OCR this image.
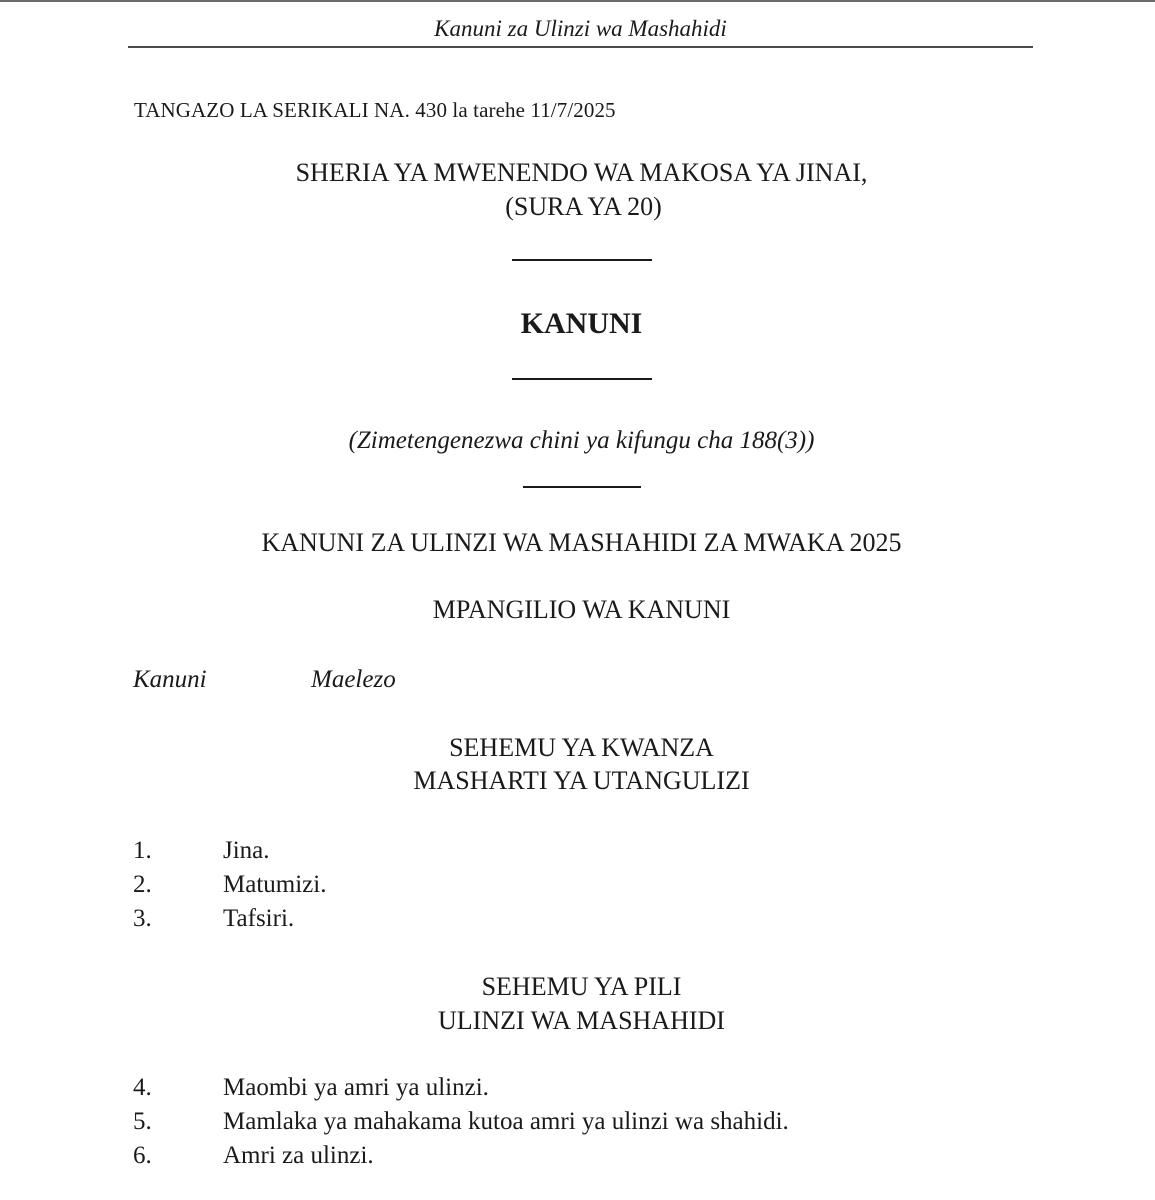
Kanuni za Ulinzi wa Mashahidi
TANGAZO LA SERIKALI NA. 430 la tarehe 11/7/2025
SHERIA YA MWENENDO WA MAKOSA YA JINAI,
(SURA YA 20)
KANUNI
(Zimetengenezwa chini ya kifungu cha 188(3))
KANUNI ZA ULINZI WA MASHAHIDI ZA MWAKA 2025
MPANGILIO WA KANUNI
Kanuni	Maelezo
SEHEMU YA KWANZA
MASHARTI YA UTANGULIZI
1.	Jina.
2.	Matumizi.
3.	Tafsiri.
SEHEMU YA PILI
ULINZI WA MASHAHIDI
4.	Maombi ya amri ya ulinzi.
5.	Mamlaka ya mahakama kutoa amri ya ulinzi wa shahidi.
6.	Amri za ulinzi.
